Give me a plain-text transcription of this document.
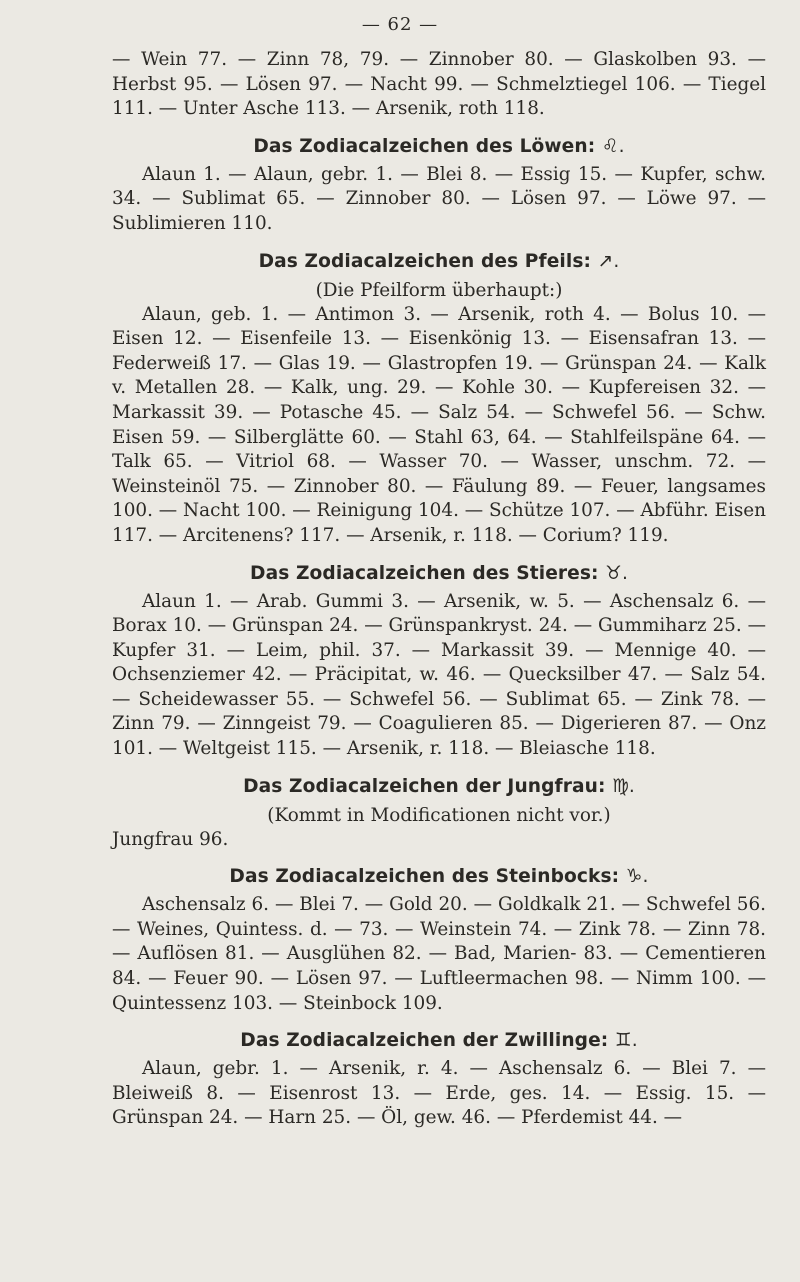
— 62 —

— Wein 77. — Zinn 78, 79. — Zinnober 80. — Glaskolben 93. — Herbst 95. — Lösen 97. — Nacht 99. — Schmelztiegel 106. — Tiegel 111. — Unter Asche 113. — Arsenik, roth 118.

Das Zodiacalzeichen des Löwen: ♌.

Alaun 1. — Alaun, gebr. 1. — Blei 8. — Essig 15. — Kupfer, schw. 34. — Sublimat 65. — Zinnober 80. — Lösen 97. — Löwe 97. — Sublimieren 110.

Das Zodiacalzeichen des Pfeils: ↗.

(Die Pfeilform überhaupt:)

Alaun, geb. 1. — Antimon 3. — Arsenik, roth 4. — Bolus 10. — Eisen 12. — Eisenfeile 13. — Eisenkönig 13. — Eisensafran 13. — Federweiß 17. — Glas 19. — Glastropfen 19. — Grünspan 24. — Kalk v. Metallen 28. — Kalk, ung. 29. — Kohle 30. — Kupfereisen 32. — Markassit 39. — Potasche 45. — Salz 54. — Schwefel 56. — Schw. Eisen 59. — Silberglätte 60. — Stahl 63, 64. — Stahlfeilspäne 64. — Talk 65. — Vitriol 68. — Wasser 70. — Wasser, unschm. 72. — Weinsteinöl 75. — Zinnober 80. — Fäulung 89. — Feuer, langsames 100. — Nacht 100. — Reinigung 104. — Schütze 107. — Abführ. Eisen 117. — Arcitenens? 117. — Arsenik, r. 118. — Corium? 119.

Das Zodiacalzeichen des Stieres: ♉.

Alaun 1. — Arab. Gummi 3. — Arsenik, w. 5. — Aschensalz 6. — Borax 10. — Grünspan 24. — Grünspankryst. 24. — Gummiharz 25. — Kupfer 31. — Leim, phil. 37. — Markassit 39. — Mennige 40. — Ochsenziemer 42. — Präcipitat, w. 46. — Quecksilber 47. — Salz 54. — Scheidewasser 55. — Schwefel 56. — Sublimat 65. — Zink 78. — Zinn 79. — Zinngeist 79. — Coagulieren 85. — Digerieren 87. — Onz 101. — Weltgeist 115. — Arsenik, r. 118. — Bleiasche 118.

Das Zodiacalzeichen der Jungfrau: ♍.

(Kommt in Modificationen nicht vor.)

Jungfrau 96.

Das Zodiacalzeichen des Steinbocks: ♑.

Aschensalz 6. — Blei 7. — Gold 20. — Goldkalk 21. — Schwefel 56. — Weines, Quintess. d. — 73. — Weinstein 74. — Zink 78. — Zinn 78. — Auflösen 81. — Ausglühen 82. — Bad, Marien- 83. — Cementieren 84. — Feuer 90. — Lösen 97. — Luftleermachen 98. — Nimm 100. — Quintessenz 103. — Steinbock 109.

Das Zodiacalzeichen der Zwillinge: ♊.

Alaun, gebr. 1. — Arsenik, r. 4. — Aschensalz 6. — Blei 7. — Bleiweiß 8. — Eisenrost 13. — Erde, ges. 14. — Essig. 15. — Grünspan 24. — Harn 25. — Öl, gew. 46. — Pferdemist 44. —
